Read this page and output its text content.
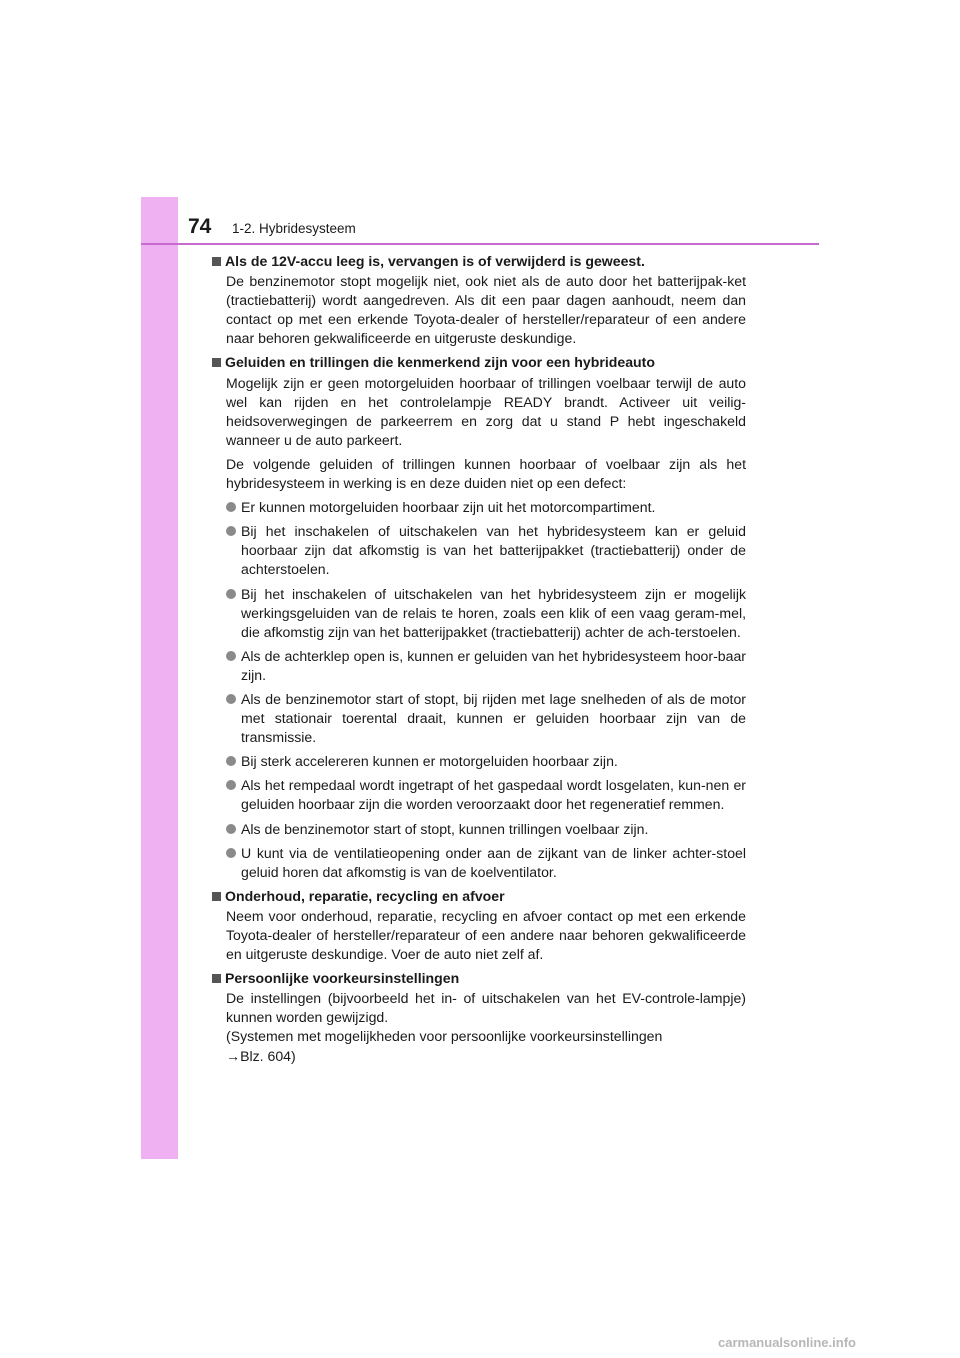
74 1-2. Hybridesysteem
Als de 12V-accu leeg is, vervangen is of verwijderd is geweest.

De benzinemotor stopt mogelijk niet, ook niet als de auto door het batterijpak-ket (tractiebatterij) wordt aangedreven. Als dit een paar dagen aanhoudt, neem dan contact op met een erkende Toyota-dealer of hersteller/reparateur of een andere naar behoren gekwalificeerde en uitgeruste deskundige.

Geluiden en trillingen die kenmerkend zijn voor een hybrideauto

Mogelijk zijn er geen motorgeluiden hoorbaar of trillingen voelbaar terwijl de auto wel kan rijden en het controlelampje READY brandt. Activeer uit veilig-heidsoverwegingen de parkeerrem en zorg dat u stand P hebt ingeschakeld wanneer u de auto parkeert.

De volgende geluiden of trillingen kunnen hoorbaar of voelbaar zijn als het hybridesysteem in werking is en deze duiden niet op een defect:

Er kunnen motorgeluiden hoorbaar zijn uit het motorcompartiment.
Bij het inschakelen of uitschakelen van het hybridesysteem kan er geluid hoorbaar zijn dat afkomstig is van het batterijpakket (tractiebatterij) onder de achterstoelen.
Bij het inschakelen of uitschakelen van het hybridesysteem zijn er mogelijk werkingsgeluiden van de relais te horen, zoals een klik of een vaag geram-mel, die afkomstig zijn van het batterijpakket (tractiebatterij) achter de ach-terstoelen.
Als de achterklep open is, kunnen er geluiden van het hybridesysteem hoor-baar zijn.
Als de benzinemotor start of stopt, bij rijden met lage snelheden of als de motor met stationair toerental draait, kunnen er geluiden hoorbaar zijn van de transmissie.
Bij sterk accelereren kunnen er motorgeluiden hoorbaar zijn.
Als het rempedaal wordt ingetrapt of het gaspedaal wordt losgelaten, kun-nen er geluiden hoorbaar zijn die worden veroorzaakt door het regeneratief remmen.
Als de benzinemotor start of stopt, kunnen trillingen voelbaar zijn.
U kunt via de ventilatieopening onder aan de zijkant van de linker achter-stoel geluid horen dat afkomstig is van de koelventilator.
Onderhoud, reparatie, recycling en afvoer

Neem voor onderhoud, reparatie, recycling en afvoer contact op met een erkende Toyota-dealer of hersteller/reparateur of een andere naar behoren gekwalificeerde en uitgeruste deskundige. Voer de auto niet zelf af.

Persoonlijke voorkeursinstellingen

De instellingen (bijvoorbeeld het in- of uitschakelen van het EV-controle-lampje) kunnen worden gewijzigd.

(Systemen met mogelijkheden voor persoonlijke voorkeursinstellingen
→Blz. 604)

carmanualsonline.info
